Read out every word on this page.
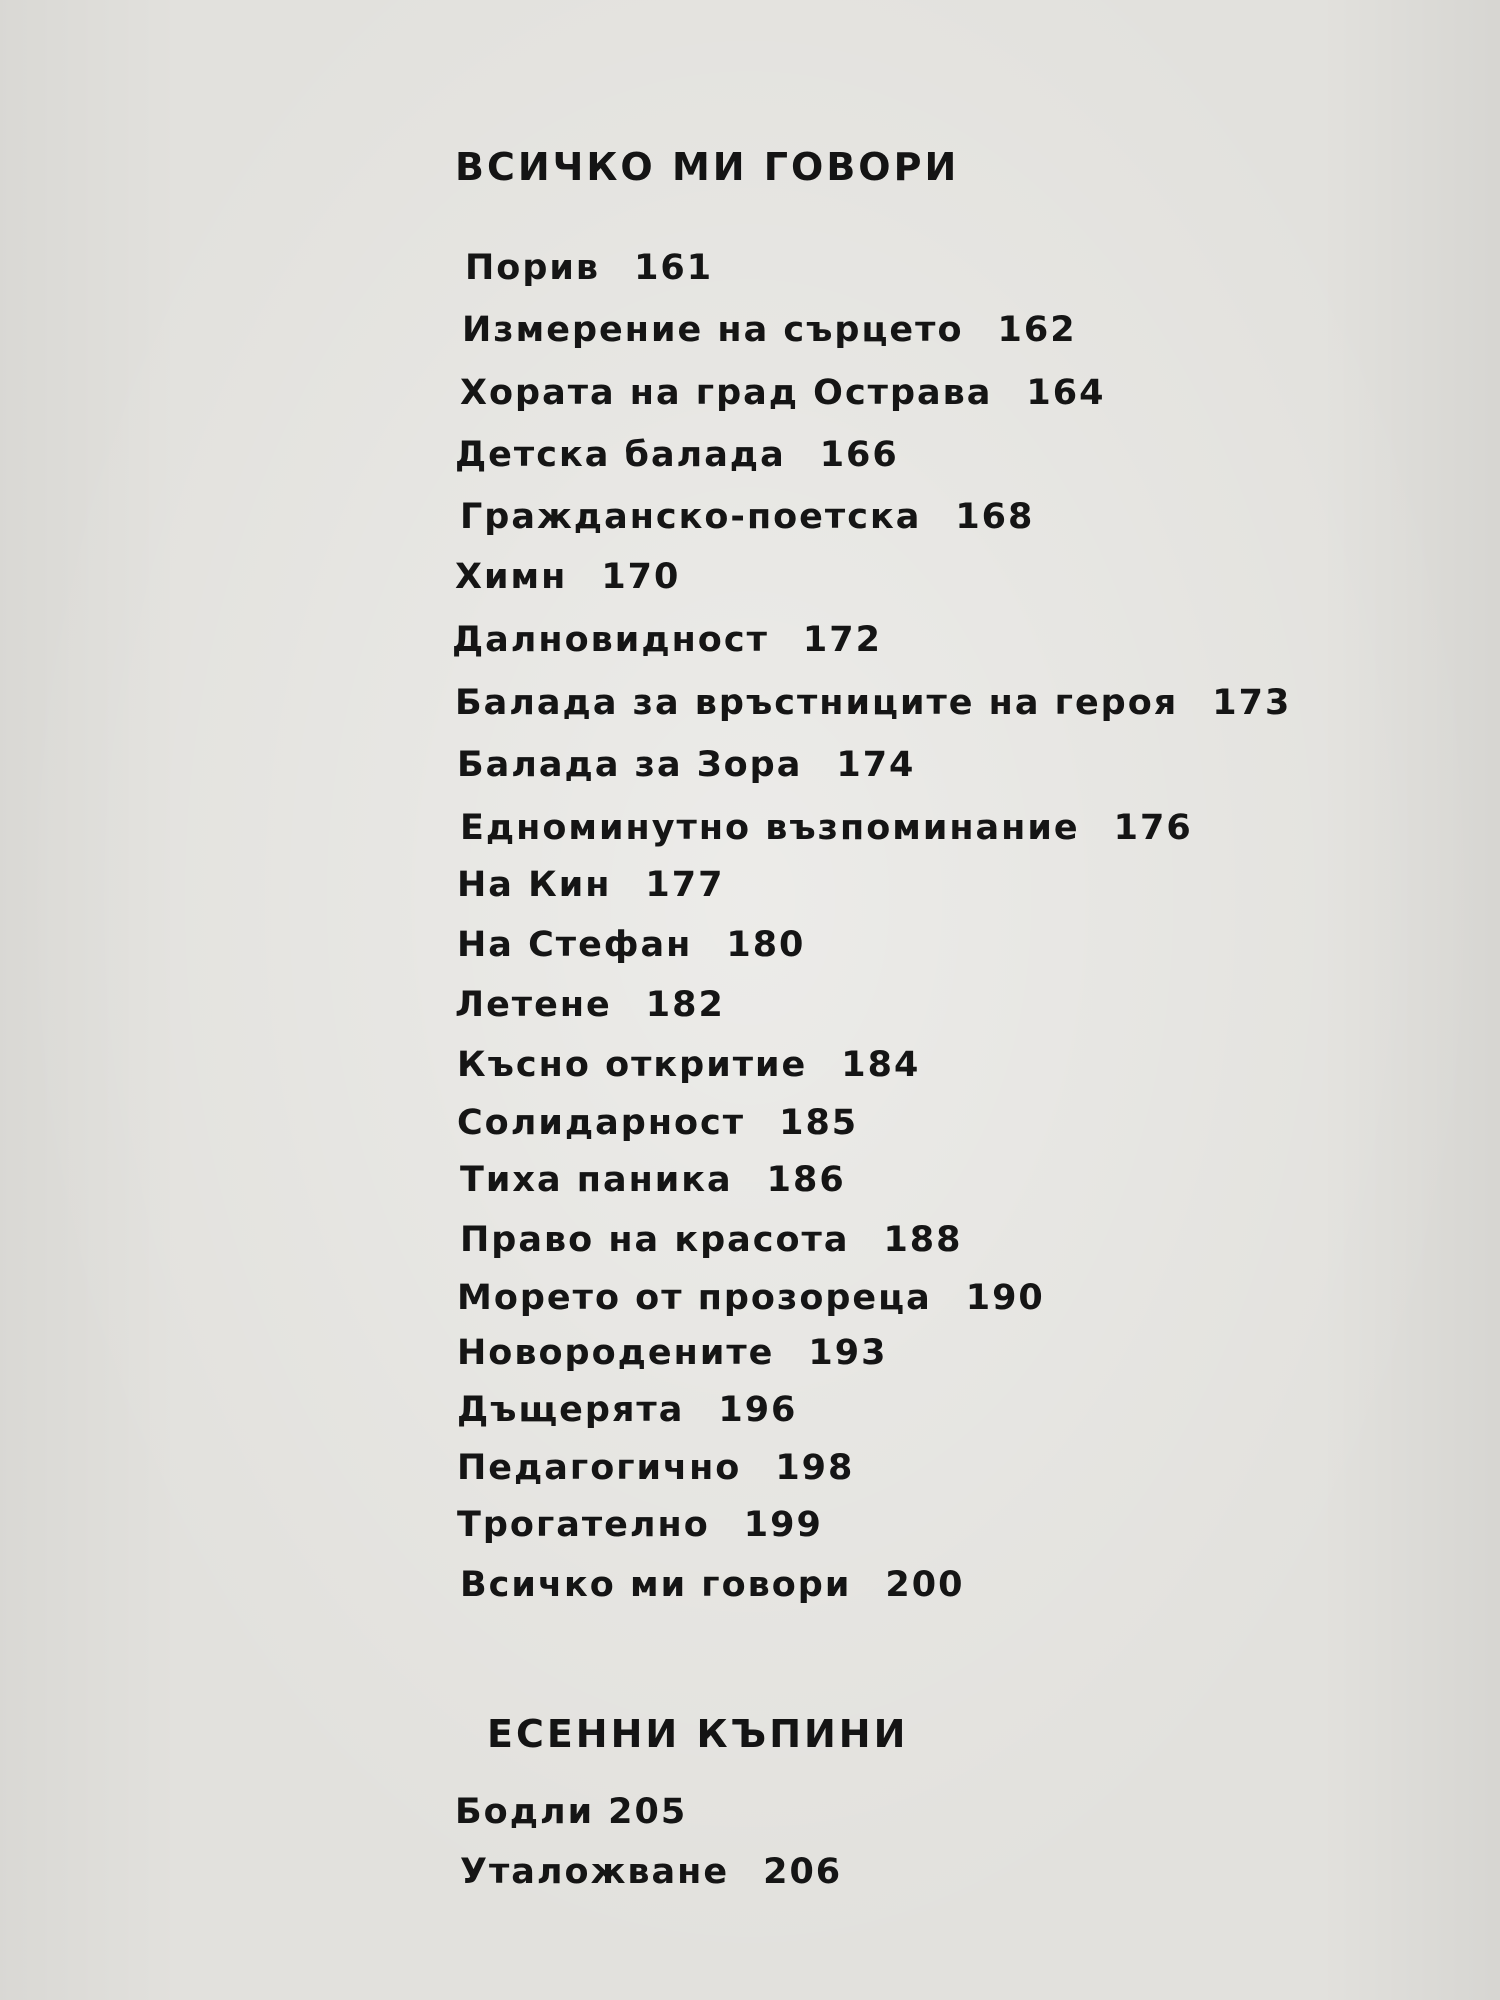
ВСИЧКО МИ ГОВОРИ
Порив 161
Измерение на сърцето 162
Хората на град Острава 164
Детска балада 166
Гражданско-поетска 168
Химн 170
Далновидност 172
Балада за връстниците на героя 173
Балада за Зора 174
Едноминутно възпоминание 176
На Кин 177
На Стефан 180
Летене 182
Късно откритие 184
Солидарност 185
Тиха паника 186
Право на красота 188
Морето от прозореца 190
Новородените 193
Дъщерята 196
Педагогично 198
Трогателно 199
Всичко ми говори 200
ЕСЕННИ КЪПИНИ
Бодли 205
Уталожване 206
